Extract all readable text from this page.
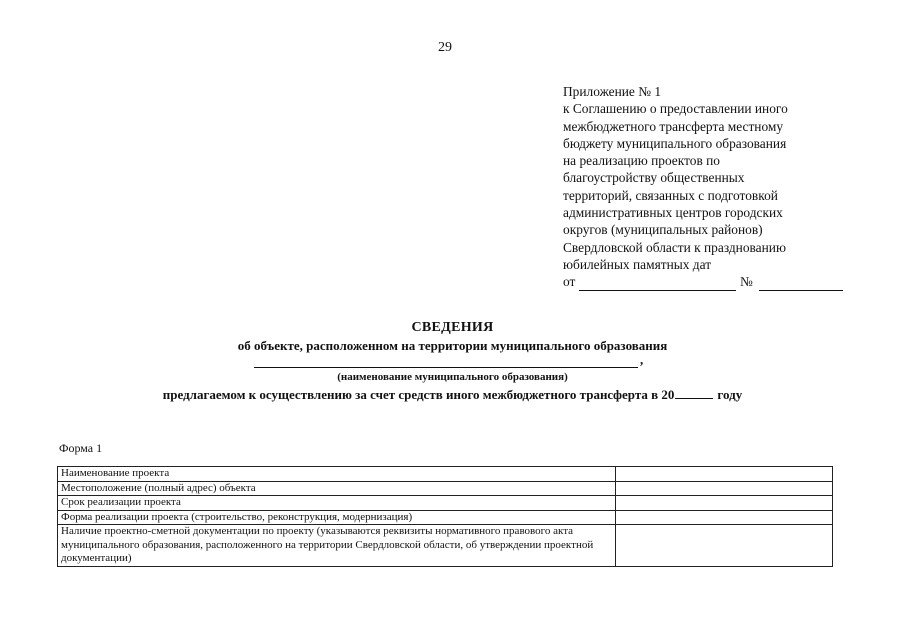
29
Приложение № 1
к Соглашению о предоставлении иного
межбюджетного трансферта местному
бюджету муниципального образования
на реализацию проектов по
благоустройству общественных
территорий, связанных с подготовкой
административных центров городских
округов (муниципальных районов)
Свердловской области к празднованию
юбилейных памятных дат
от	№
СВЕДЕНИЯ
об объекте, расположенном на территории муниципального образования
,
(наименование муниципального образования)
предлагаемом к осуществлению за счет средств иного межбюджетного трансферта в 20	году
Форма 1
Наименование проекта	
Местоположение (полный адрес) объекта	
Срок реализации проекта	
Форма реализации проекта (строительство, реконструкция, модернизация)	
Наличие проектно-сметной документации по проекту (указываются реквизиты нормативного правового акта муниципального образования, расположенного на территории Свердловской области, об утверждении проектной документации)	
